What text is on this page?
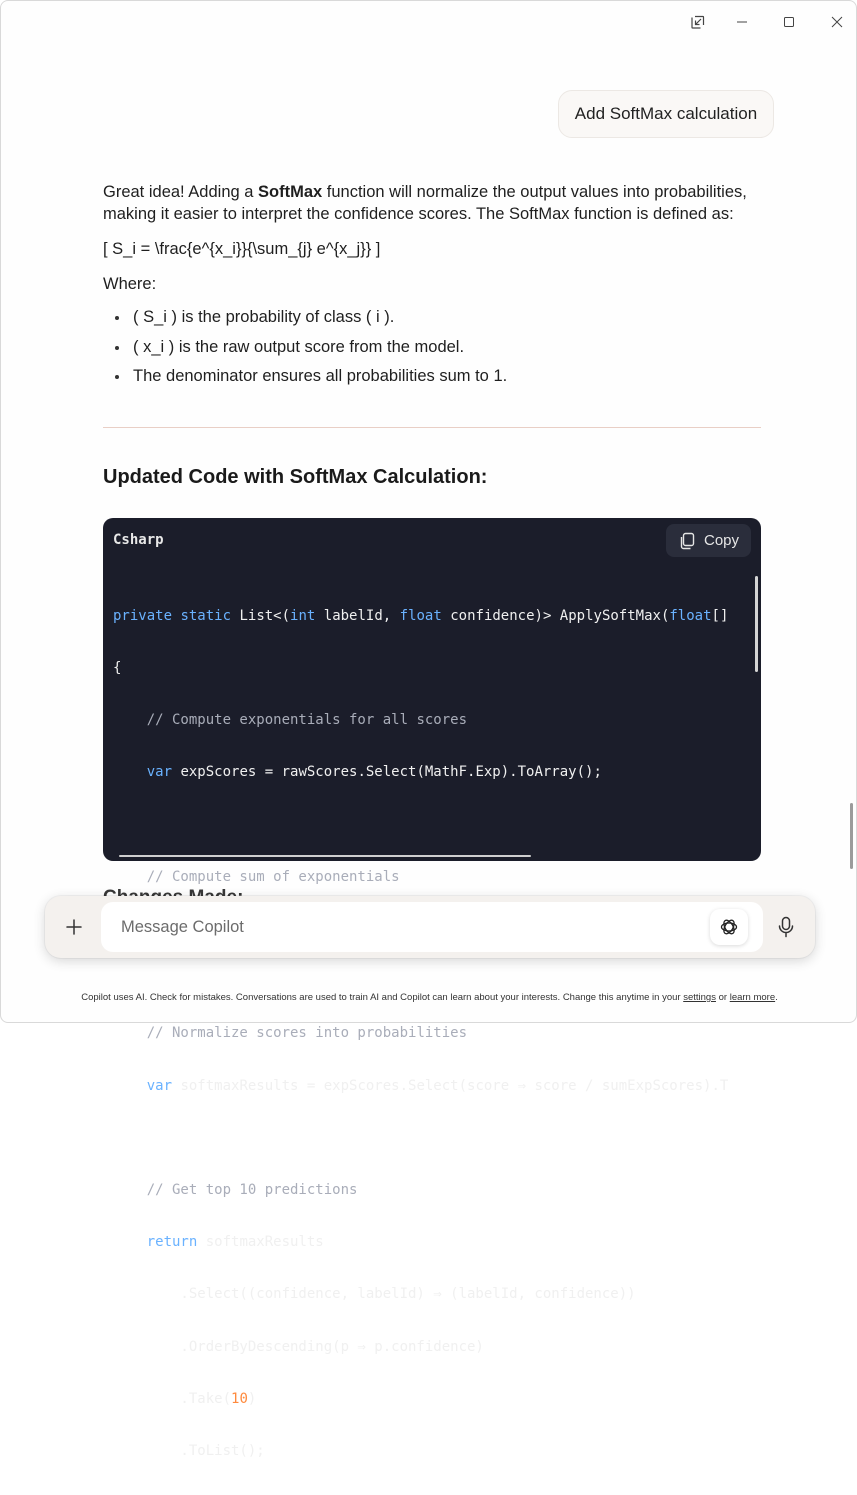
Add SoftMax calculation

Great idea! Adding a SoftMax function will normalize the output values into probabilities, making it easier to interpret the confidence scores. The SoftMax function is defined as:

[ S_i = \frac{e^{x_i}}{\sum_{j} e^{x_j}} ]

Where:

( S_i ) is the probability of class ( i ).
( x_i ) is the raw output score from the model.
The denominator ensures all probabilities sum to 1.
Updated Code with SoftMax Calculation:
Csharp	Copy

private static List<(int labelId, float confidence)> ApplySoftMax(float[]

{

// Compute exponentials for all scores

var expScores = rawScores.Select(MathF.Exp).ToArray();

// Compute sum of exponentials

// Normalize scores into probabilities

var softmaxResults = expScores.Select(score ⇒ score / sumExpScores).T

// Get top 10 predictions

return softmaxResults

.Select((confidence, labelId) ⇒ (labelId, confidence))

.OrderByDescending(p ⇒ p.confidence)

.Take(10)

.ToList();

Message Copilot
Copilot uses AI. Check for mistakes. Conversations are used to train AI and Copilot can learn about your interests. Change this anytime in your settings or learn more.
